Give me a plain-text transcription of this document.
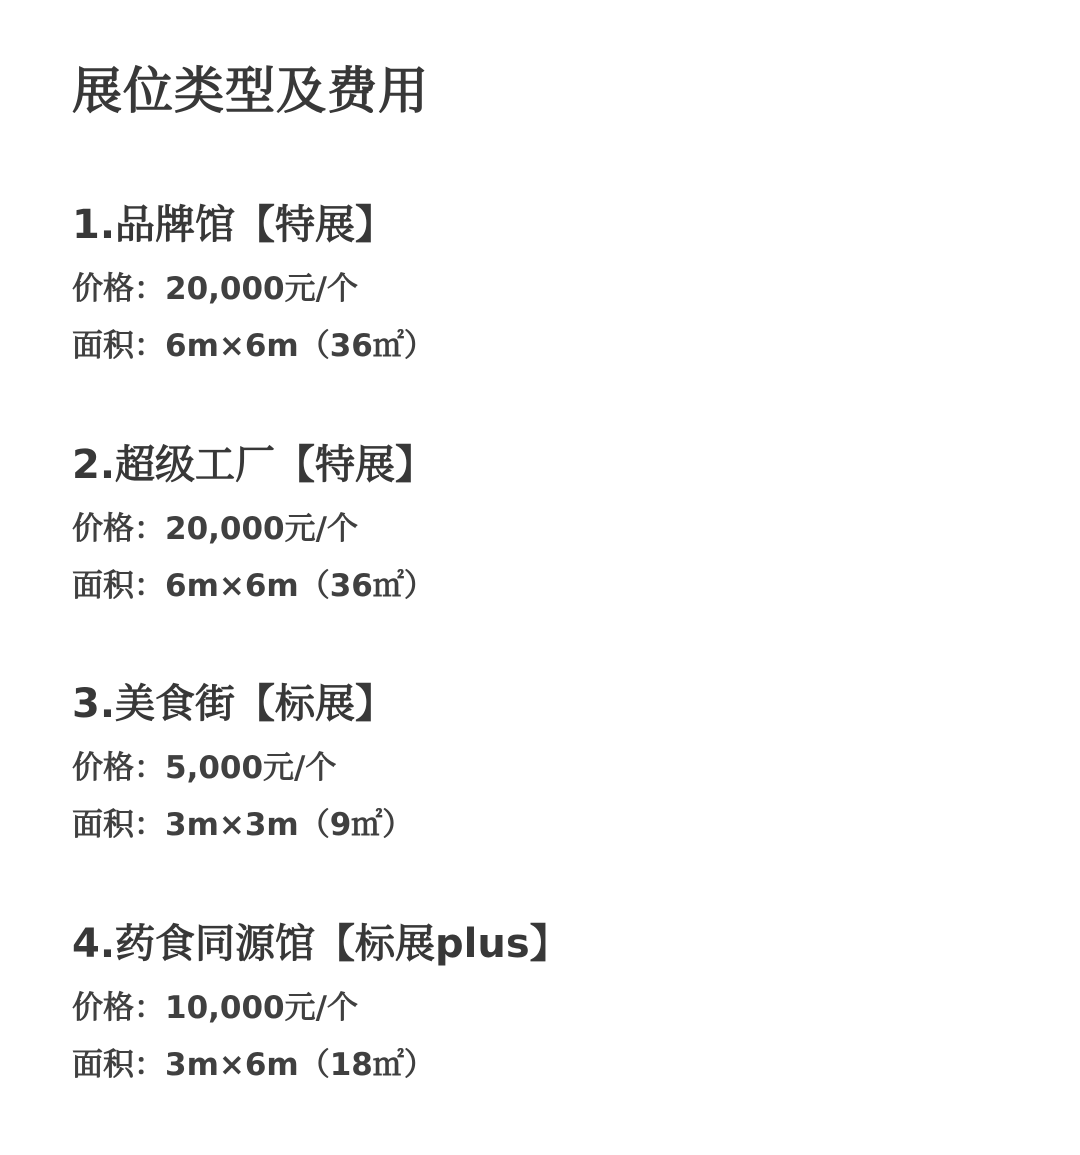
展位类型及费用
1.品牌馆【特展】
价格：20,000元/个
面积：6m×6m（36㎡）
2.超级工厂【特展】
价格：20,000元/个
面积：6m×6m（36㎡）
3.美食街【标展】
价格：5,000元/个
面积：3m×3m（9㎡）
4.药食同源馆【标展plus】
价格：10,000元/个
面积：3m×6m（18㎡）
